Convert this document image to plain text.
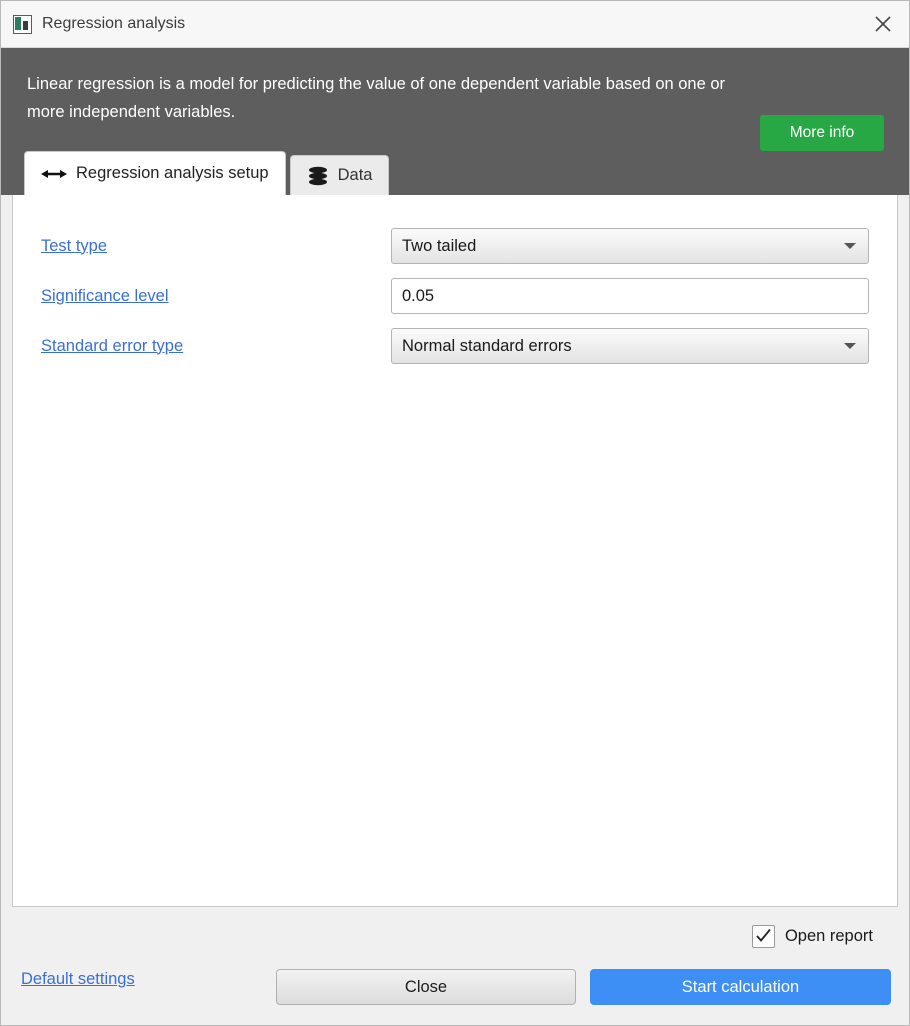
Regression analysis
Linear regression is a model for predicting the value of one dependent variable based on one or more independent variables.
More info
Regression analysis setup	Data
Test type	Two tailed
Significance level	0.05
Standard error type	Normal standard errors
Open report
Default settings	Close	Start calculation
